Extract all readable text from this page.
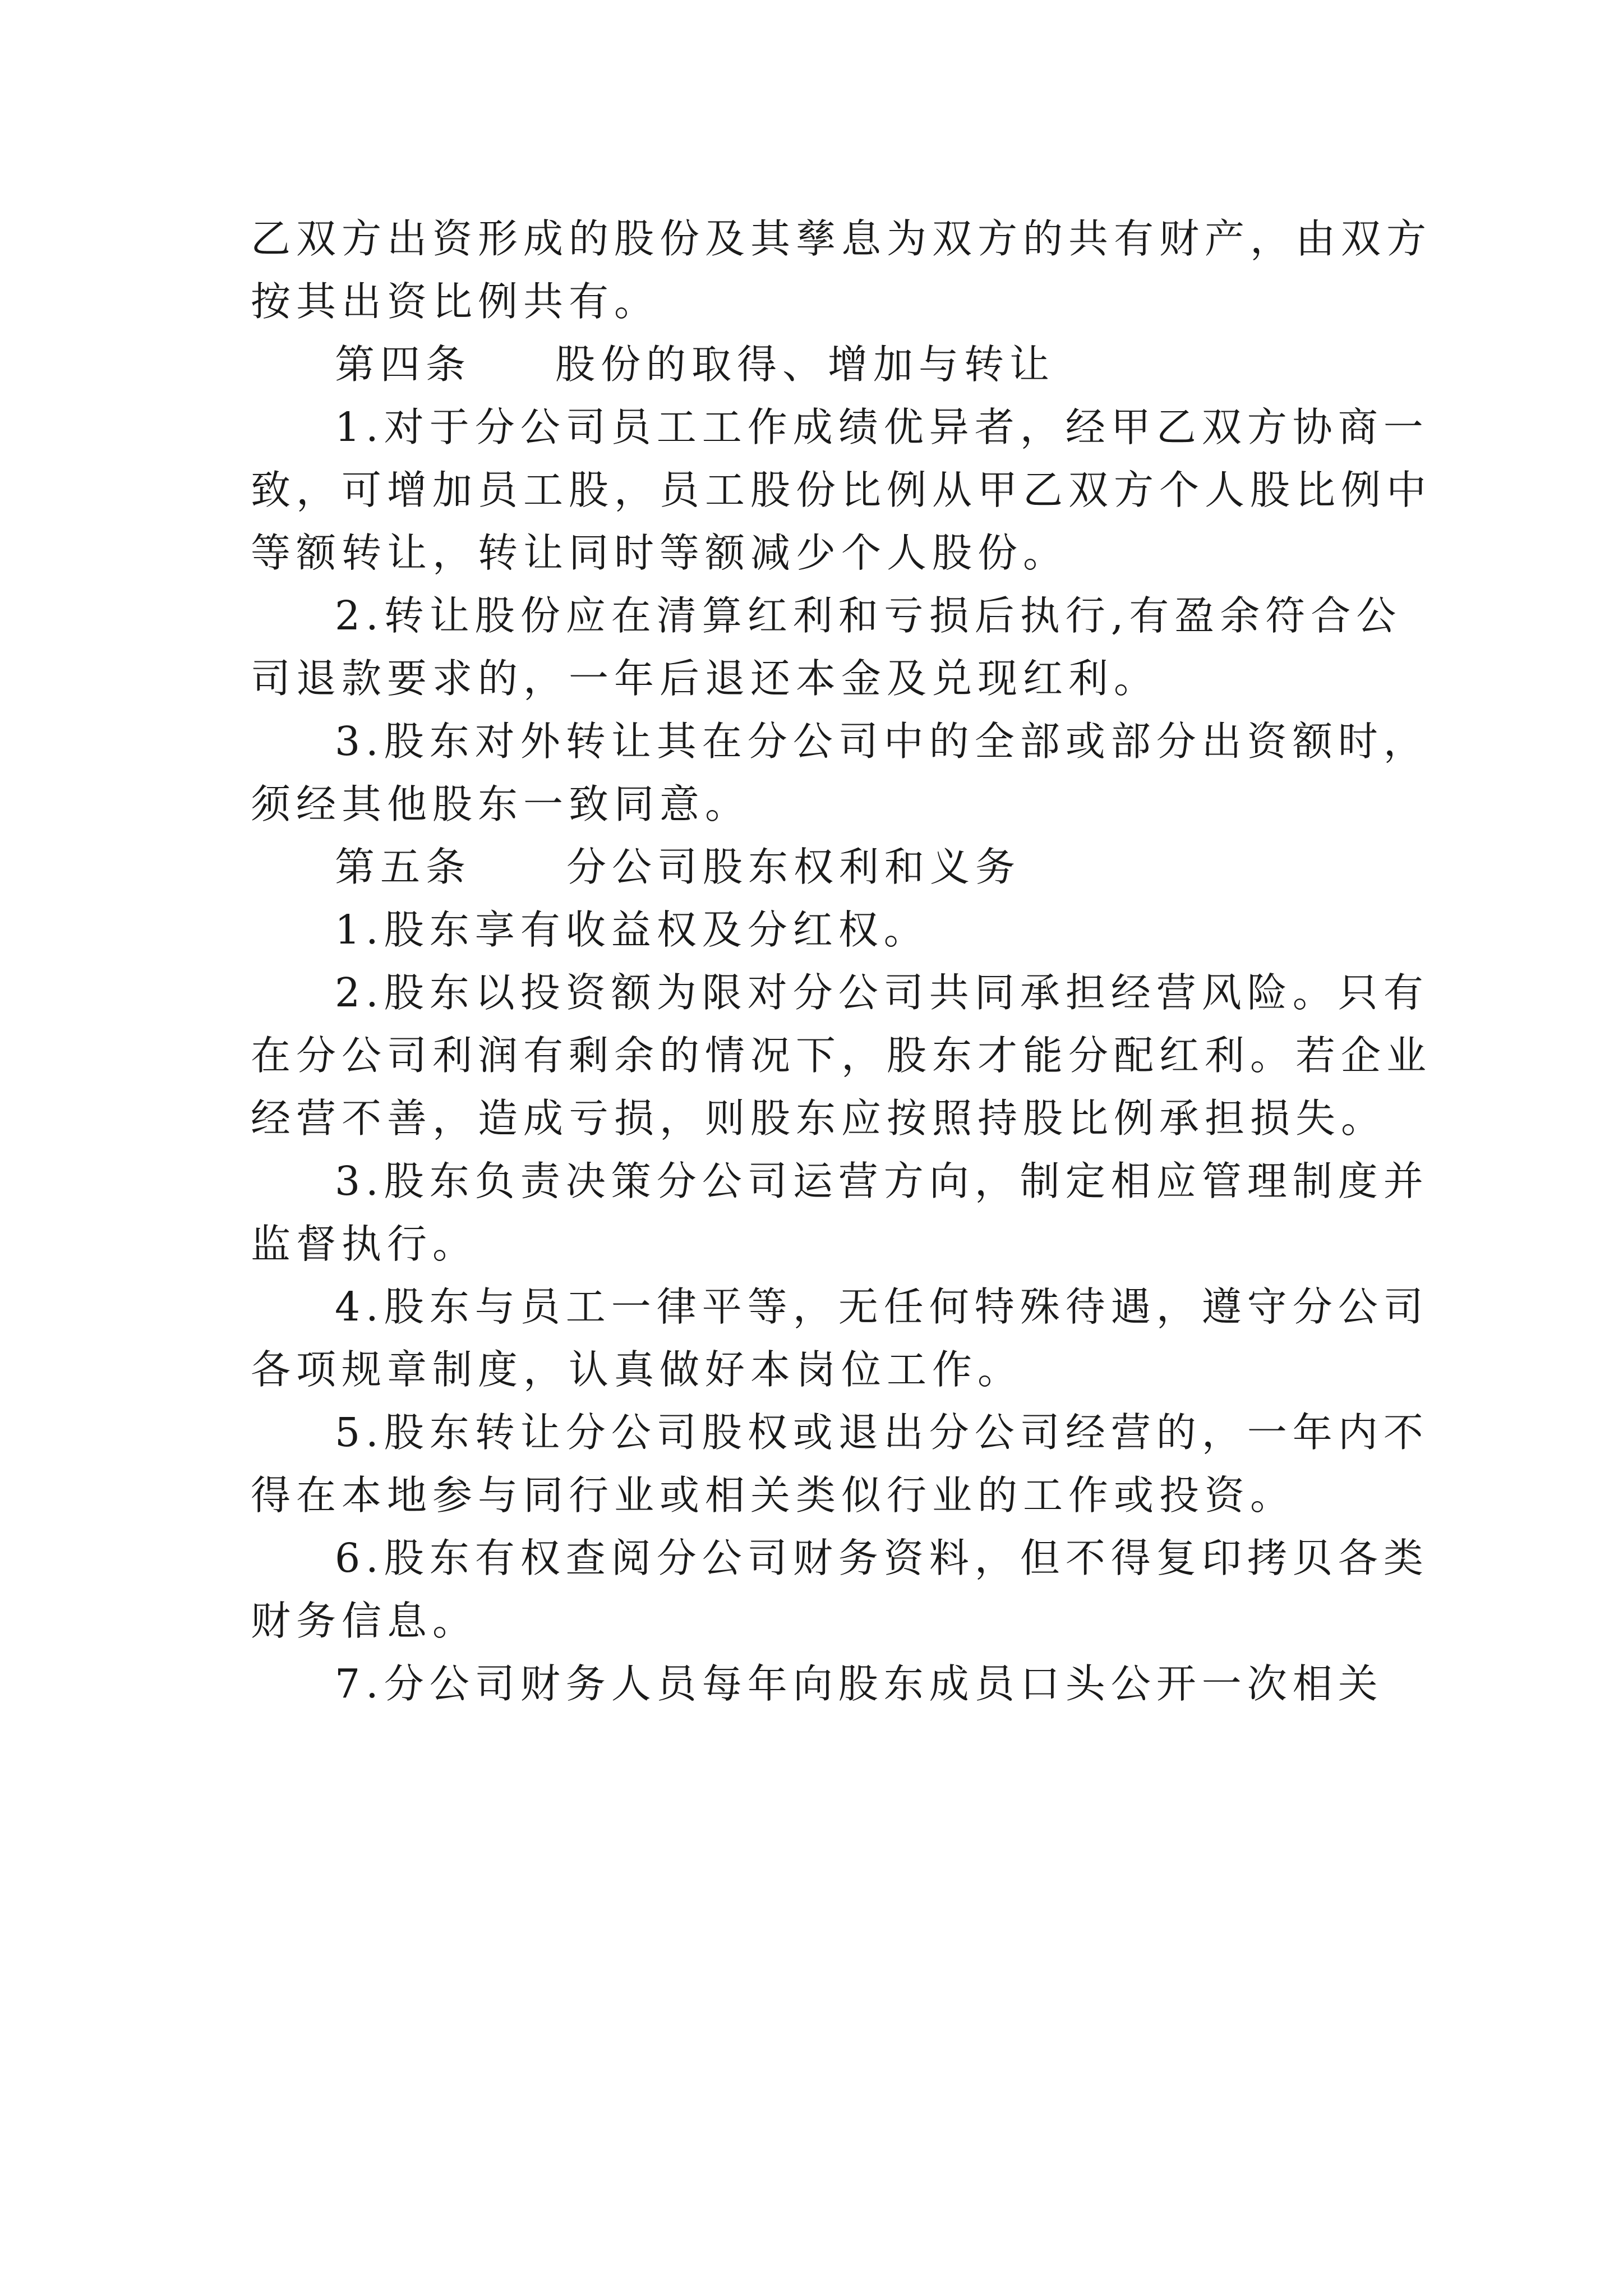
乙双方出资形成的股份及其孳息为双方的共有财产，由双方
按其出资比例共有。
第四条 股份的取得、增加与转让
1.对于分公司员工工作成绩优异者，经甲乙双方协商一
致，可增加员工股，员工股份比例从甲乙双方个人股比例中
等额转让，转让同时等额减少个人股份。
2.转让股份应在清算红利和亏损后执行,有盈余符合公
司退款要求的，一年后退还本金及兑现红利。
3.股东对外转让其在分公司中的全部或部分出资额时，
须经其他股东一致同意。
第五条 分公司股东权利和义务
1.股东享有收益权及分红权。
2.股东以投资额为限对分公司共同承担经营风险。只有
在分公司利润有剩余的情况下，股东才能分配红利。若企业
经营不善，造成亏损，则股东应按照持股比例承担损失。
3.股东负责决策分公司运营方向，制定相应管理制度并
监督执行。
4.股东与员工一律平等，无任何特殊待遇，遵守分公司
各项规章制度，认真做好本岗位工作。
5.股东转让分公司股权或退出分公司经营的，一年内不
得在本地参与同行业或相关类似行业的工作或投资。
6.股东有权查阅分公司财务资料，但不得复印拷贝各类
财务信息。
7.分公司财务人员每年向股东成员口头公开一次相关
